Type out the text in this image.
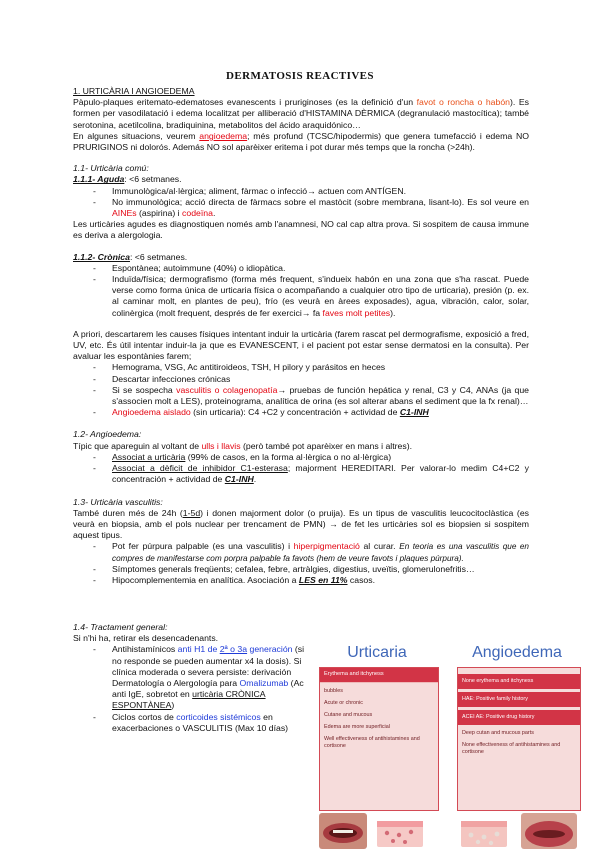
DERMATOSIS REACTIVES

1. URTICÀRIA I ANGIOEDEMA

Pàpulo-plaques eritemato-edematoses evanescents i pruriginoses (es la definició d'un favot o roncha o habón). Es formen per vasodilatació i edema localitzat per alliberació d'HISTAMINA DÈRMICA (degranulació mastocítica); també serotonina, acetilcolina, bradiquinina, metabolitos del ácido araquidónico…

En algunes situacions, veurem angioedema; més profund (TCSC/hipodermis) que genera tumefacció i edema NO PRURIGINOS ni dolorós. Además NO sol aparèixer eritema i pot durar més temps que la roncha (>24h).

1.1- Urticària comú:

1.1.1- Aguda: <6 setmanes.

- Immunològica/al·lèrgica; aliment, fàrmac o infecció→ actuen com ANTÍGEN.
- No immunològica; acció directa de fàrmacs sobre el mastòcit (sobre membrana, lisant-lo). Es sol veure en AINEs (aspirina) i codeïna.

Les urticàries agudes es diagnostiquen només amb l'anamnesi, NO cal cap altra prova. Si sospitem de causa immune es deriva a alergologia.

1.1.2- Crònica: <6 setmanes.

- Espontànea; autoimmune (40%) o idiopàtica.
- Induïda/física; dermografismo (forma més frequent, s'indueix habón en una zona que s'ha rascat. Puede verse como forma única de urticaria física o acompañando a cualquier otro tipo de urticaria), presión (p. ex. al caminar molt, en plantes de peu), frío (es veurà en àrees exposades), agua, vibración, calor, solar, colinèrgica (molt frequent, després de fer exercici→ fa faves molt petites).

A priori, descartarem les causes físiques intentant induir la urticària (farem rascat pel dermografisme, exposició a fred, UV, etc. És útil intentar induir-la ja que es EVANESCENT, i el pacient pot estar sense dermatosi en la consulta). Per avaluar les espontànies farem;

- Hemograma, VSG, Ac antitiroideos, TSH, H pilory y parásitos en heces
- Descartar infecciones crónicas
- Si se sospecha vasculitis o colagenopatía→ pruebas de función hepática y renal, C3 y C4, ANAs (ja que s'associen molt a LES), proteinograma, analítica de orina (es sol alterar abans el sediment que la fx renal)…
- Angioedema aislado (sin urticaria): C4 +C2 y concentración + actividad de C1-INH

1.2- Angioedema:

Típic que apareguin al voltant de ulls i llavis (però també pot aparèixer en mans i altres).

- Associat a urticària (99% de casos, en la forma al·lèrgica o no al·lèrgica)
- Associat a dèficit de inhibidor C1-esterasa; majorment HEREDITARI. Per valorar-lo medim C4+C2 y concentración + actividad de C1-INH.

1.3- Urticària vasculitis:

També duren més de 24h (1-5d) i donen majorment dolor (o pruija). Es un tipus de vasculitis leucocitoclàstica (es veurà en biopsia, amb el pols nuclear per trencament de PMN) → de fet les urticàries sol es biopsien si sospitem aquest tipus.

- Pot fer púrpura palpable (es una vasculitis) i hiperpigmentació al curar. En teoria es una vasculitis que en compres de manifestarse com porpra palpable fa favots (hem de veure favots i plaques púrpura).
- Símptomes generals freqüents; cefalea, febre, artràlgies, digestius, uveïtis, glomerulonefritis…
- Hipocomplementemia en analítica. Asociación a LES en 11% casos.

1.4- Tractament general:

Si n'hi ha, retirar els desencadenants.

- Antihistamínicos anti H1 de 2ª o 3a generación (si no responde se pueden aumentar x4 la dosis). Si clínica moderada o severa persiste: derivación Dermatología o Alergología para Omalizumab (Ac anti IgE, sobretot en urticària CRÒNICA ESPONTÀNEA)
- Ciclos cortos de corticoides sistémicos en exacerbaciones o VASCULITIS (Max 10 días)
Urticaria	Angioedema
Erythema and itchyness
bubbles
Acute or chronic
Cutane and mucous
Edema are more superficial
Well effectiveness of antihistamines and cortisone
None erythema and itchyness
HAE: Positive family history
ACEI AE: Positive drug history
Deep cutan and mucous parts
None effectiveness of antihistamines and cortisone
